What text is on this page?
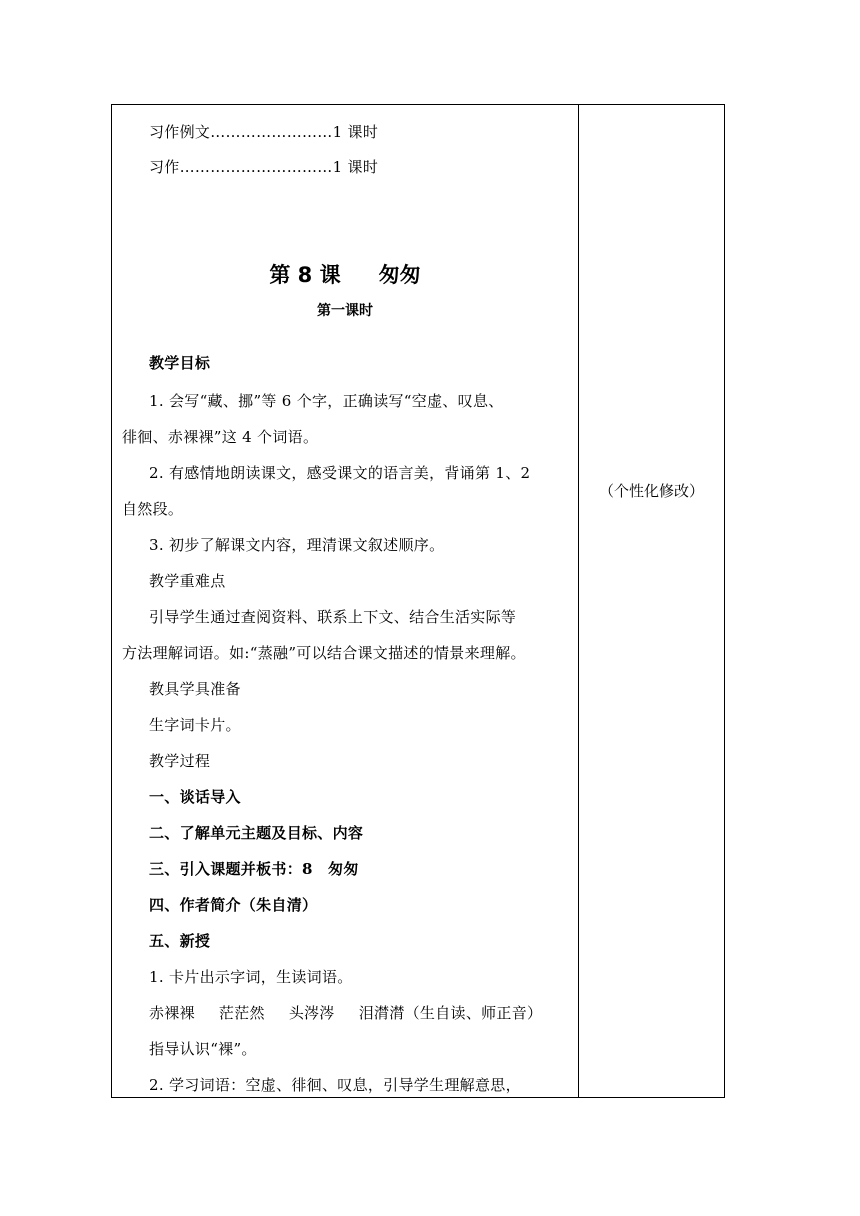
习作例文……………………1 课时
习作…………………………1 课时
第 8 课 匆匆
第一课时
教学目标
1. 会写“藏、挪”等 6 个字，正确读写“空虚、叹息、
徘徊、赤裸裸”这 4 个词语。
2. 有感情地朗读课文，感受课文的语言美，背诵第 1、2
自然段。
3. 初步了解课文内容，理清课文叙述顺序。
教学重难点
引导学生通过查阅资料、联系上下文、结合生活实际等
方法理解词语。如:“蒸融”可以结合课文描述的情景来理解。
教具学具准备
生字词卡片。
教学过程
一、谈话导入
二、了解单元主题及目标、内容
三、引入课题并板书：8　匆匆
四、作者简介（朱自清）
五、新授
1. 卡片出示字词，生读词语。
赤裸裸 茫茫然 头涔涔 泪潸潸（生自读、师正音）
指导认识“裸”。
2. 学习词语：空虚、徘徊、叹息，引导学生理解意思，
（个性化修改）
